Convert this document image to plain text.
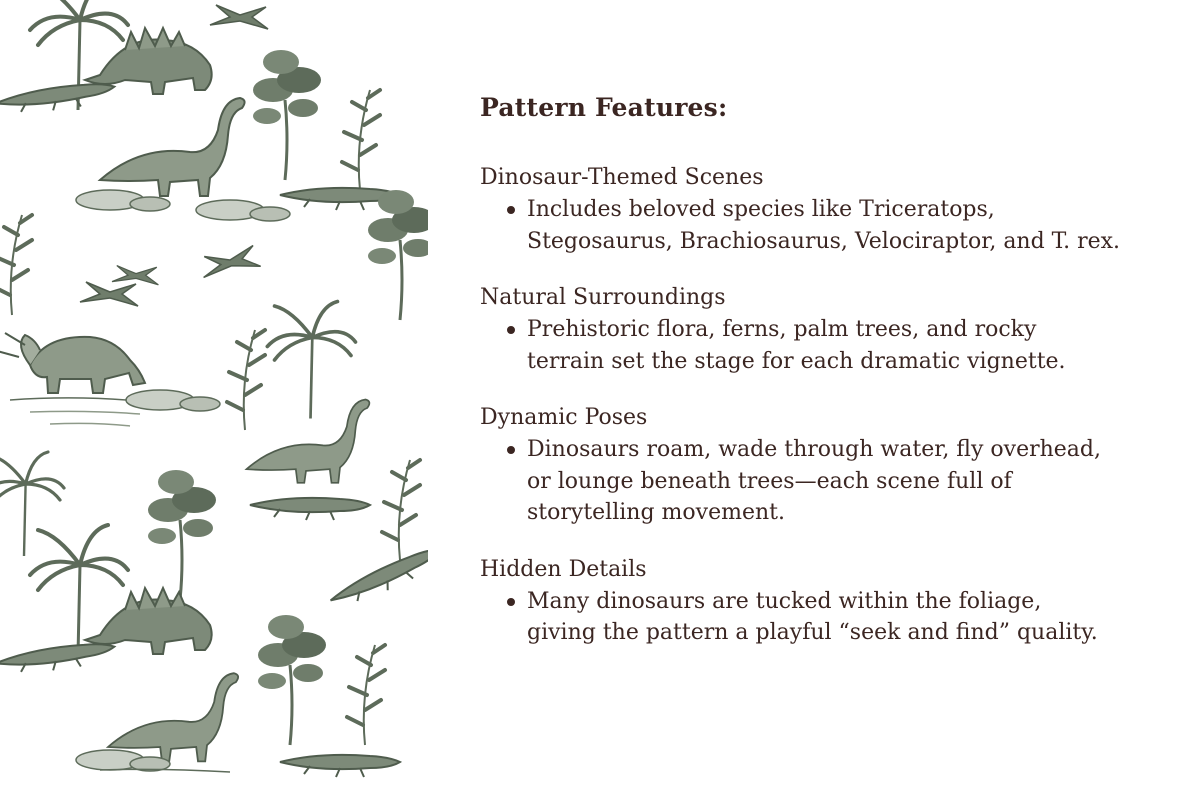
Pattern Features:
Dinosaur-Themed Scenes

Includes beloved species like Triceratops,
Stegosaurus, Brachiosaurus, Velociraptor, and T. rex.

Natural Surroundings

Prehistoric flora, ferns, palm trees, and rocky
terrain set the stage for each dramatic vignette.

Dynamic Poses

Dinosaurs roam, wade through water, fly overhead,
or lounge beneath trees—each scene full of
storytelling movement.

Hidden Details

Many dinosaurs are tucked within the foliage,
giving the pattern a playful “seek and find” quality.
